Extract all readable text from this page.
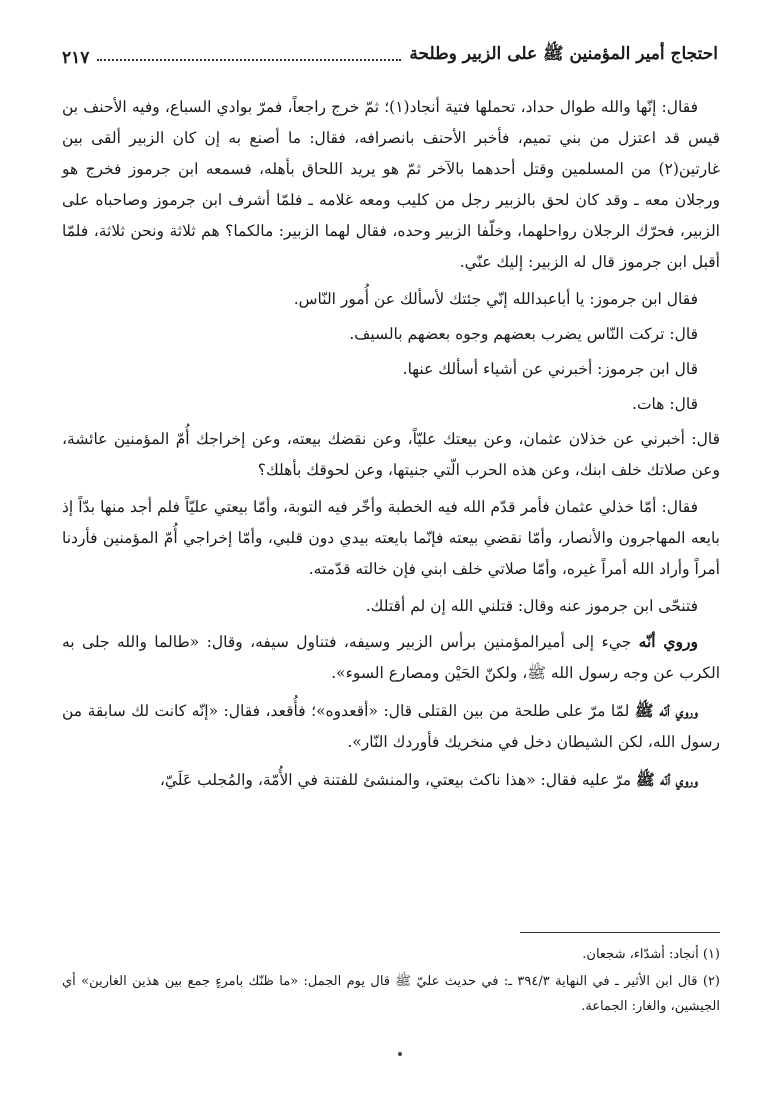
احتجاج أمير المؤمنين ﷺ على الزبير وطلحة
٢١٧

فقال: إنّها والله طوال حداد، تحملها فتية أنجاد(١)؛ ثمّ خرج راجعاً، فمرّ بوادي السباع، وفيه الأحنف بن قيس قد اعتزل من بني تميم، فأخبر الأحنف بانصرافه، فقال: ما أصنع به إن كان الزبير ألقى بين غارتين(٢) من المسلمين وقتل أحدهما بالآخر ثمّ هو يريد اللحاق بأهله، فسمعه ابن جرموز فخرج هو ورجلان معه ـ وقد كان لحق بالزبير رجل من كليب ومعه غلامه ـ فلمّا أشرف ابن جرموز وصاحباه على الزبير، فحرّك الرجلان رواحلهما، وخلّفا الزبير وحده، فقال لهما الزبير: مالكما؟ هم ثلاثة ونحن ثلاثة، فلمّا أقبل ابن جرموز قال له الزبير: إليك عنّي.

فقال ابن جرموز: يا أباعبدالله إنّي جئتك لأسألك عن أُمور النّاس.

قال: تركت النّاس يضرب بعضهم وجوه بعضهم بالسيف.

قال ابن جرموز: أخبرني عن أشياء أسألك عنها.

قال: هات.

قال: أخبرني عن خذلان عثمان، وعن بيعتك عليّاً، وعن نقضك بيعته، وعن إخراجك أُمّ المؤمنين عائشة، وعن صلاتك خلف ابنك، وعن هذه الحرب الّتي جنيتها، وعن لحوقك بأهلك؟

فقال: أمّا خذلي عثمان فأمر قدّم الله فيه الخطبة وأخّر فيه التوبة، وأمّا بيعتي عليّاً فلم أجد منها بدّاً إذ بايعه المهاجرون والأنصار، وأمّا نقضي بيعته فإنّما بايعته بيدي دون قلبي، وأمّا إخراجي أُمّ المؤمنين فأردنا أمراً وأراد الله أمراً غيره، وأمّا صلاتي خلف ابني فإن خالته قدّمته.

فتنحّى ابن جرموز عنه وقال: قتلني الله إن لم أقتلك.

وروي أنّه جيء إلى أميرالمؤمنين برأس الزبير وسيفه، فتناول سيفه، وقال: «طالما والله جلى به الكرب عن وجه رسول الله ﷺ، ولكنّ الحَيْن ومصارع السوء».

وروي أنّه ﷺ لمّا مرّ على طلحة من بين القتلى قال: «أقعدوه»؛ فأُقعد، فقال: «إنّه كانت لك سابقة من رسول الله، لكن الشيطان دخل في منخريك فأوردك النّار».

وروي أنّه ﷺ مرّ عليه فقال: «هذا ناكث بيعتي، والمنشئ للفتنة في الأُمّة، والمُجلب عَلَيّ،

(١) أنجاد: أشدّاء، شجعان.

(٢) قال ابن الأثير ـ في النهاية ٣٩٤/٣ ـ: في حديث عليّ ﷺ قال يوم الجمل: «ما ظنّك بامرءٍ جمع بين هذين الغارين» أي الجيشين، والغار: الجماعة.
